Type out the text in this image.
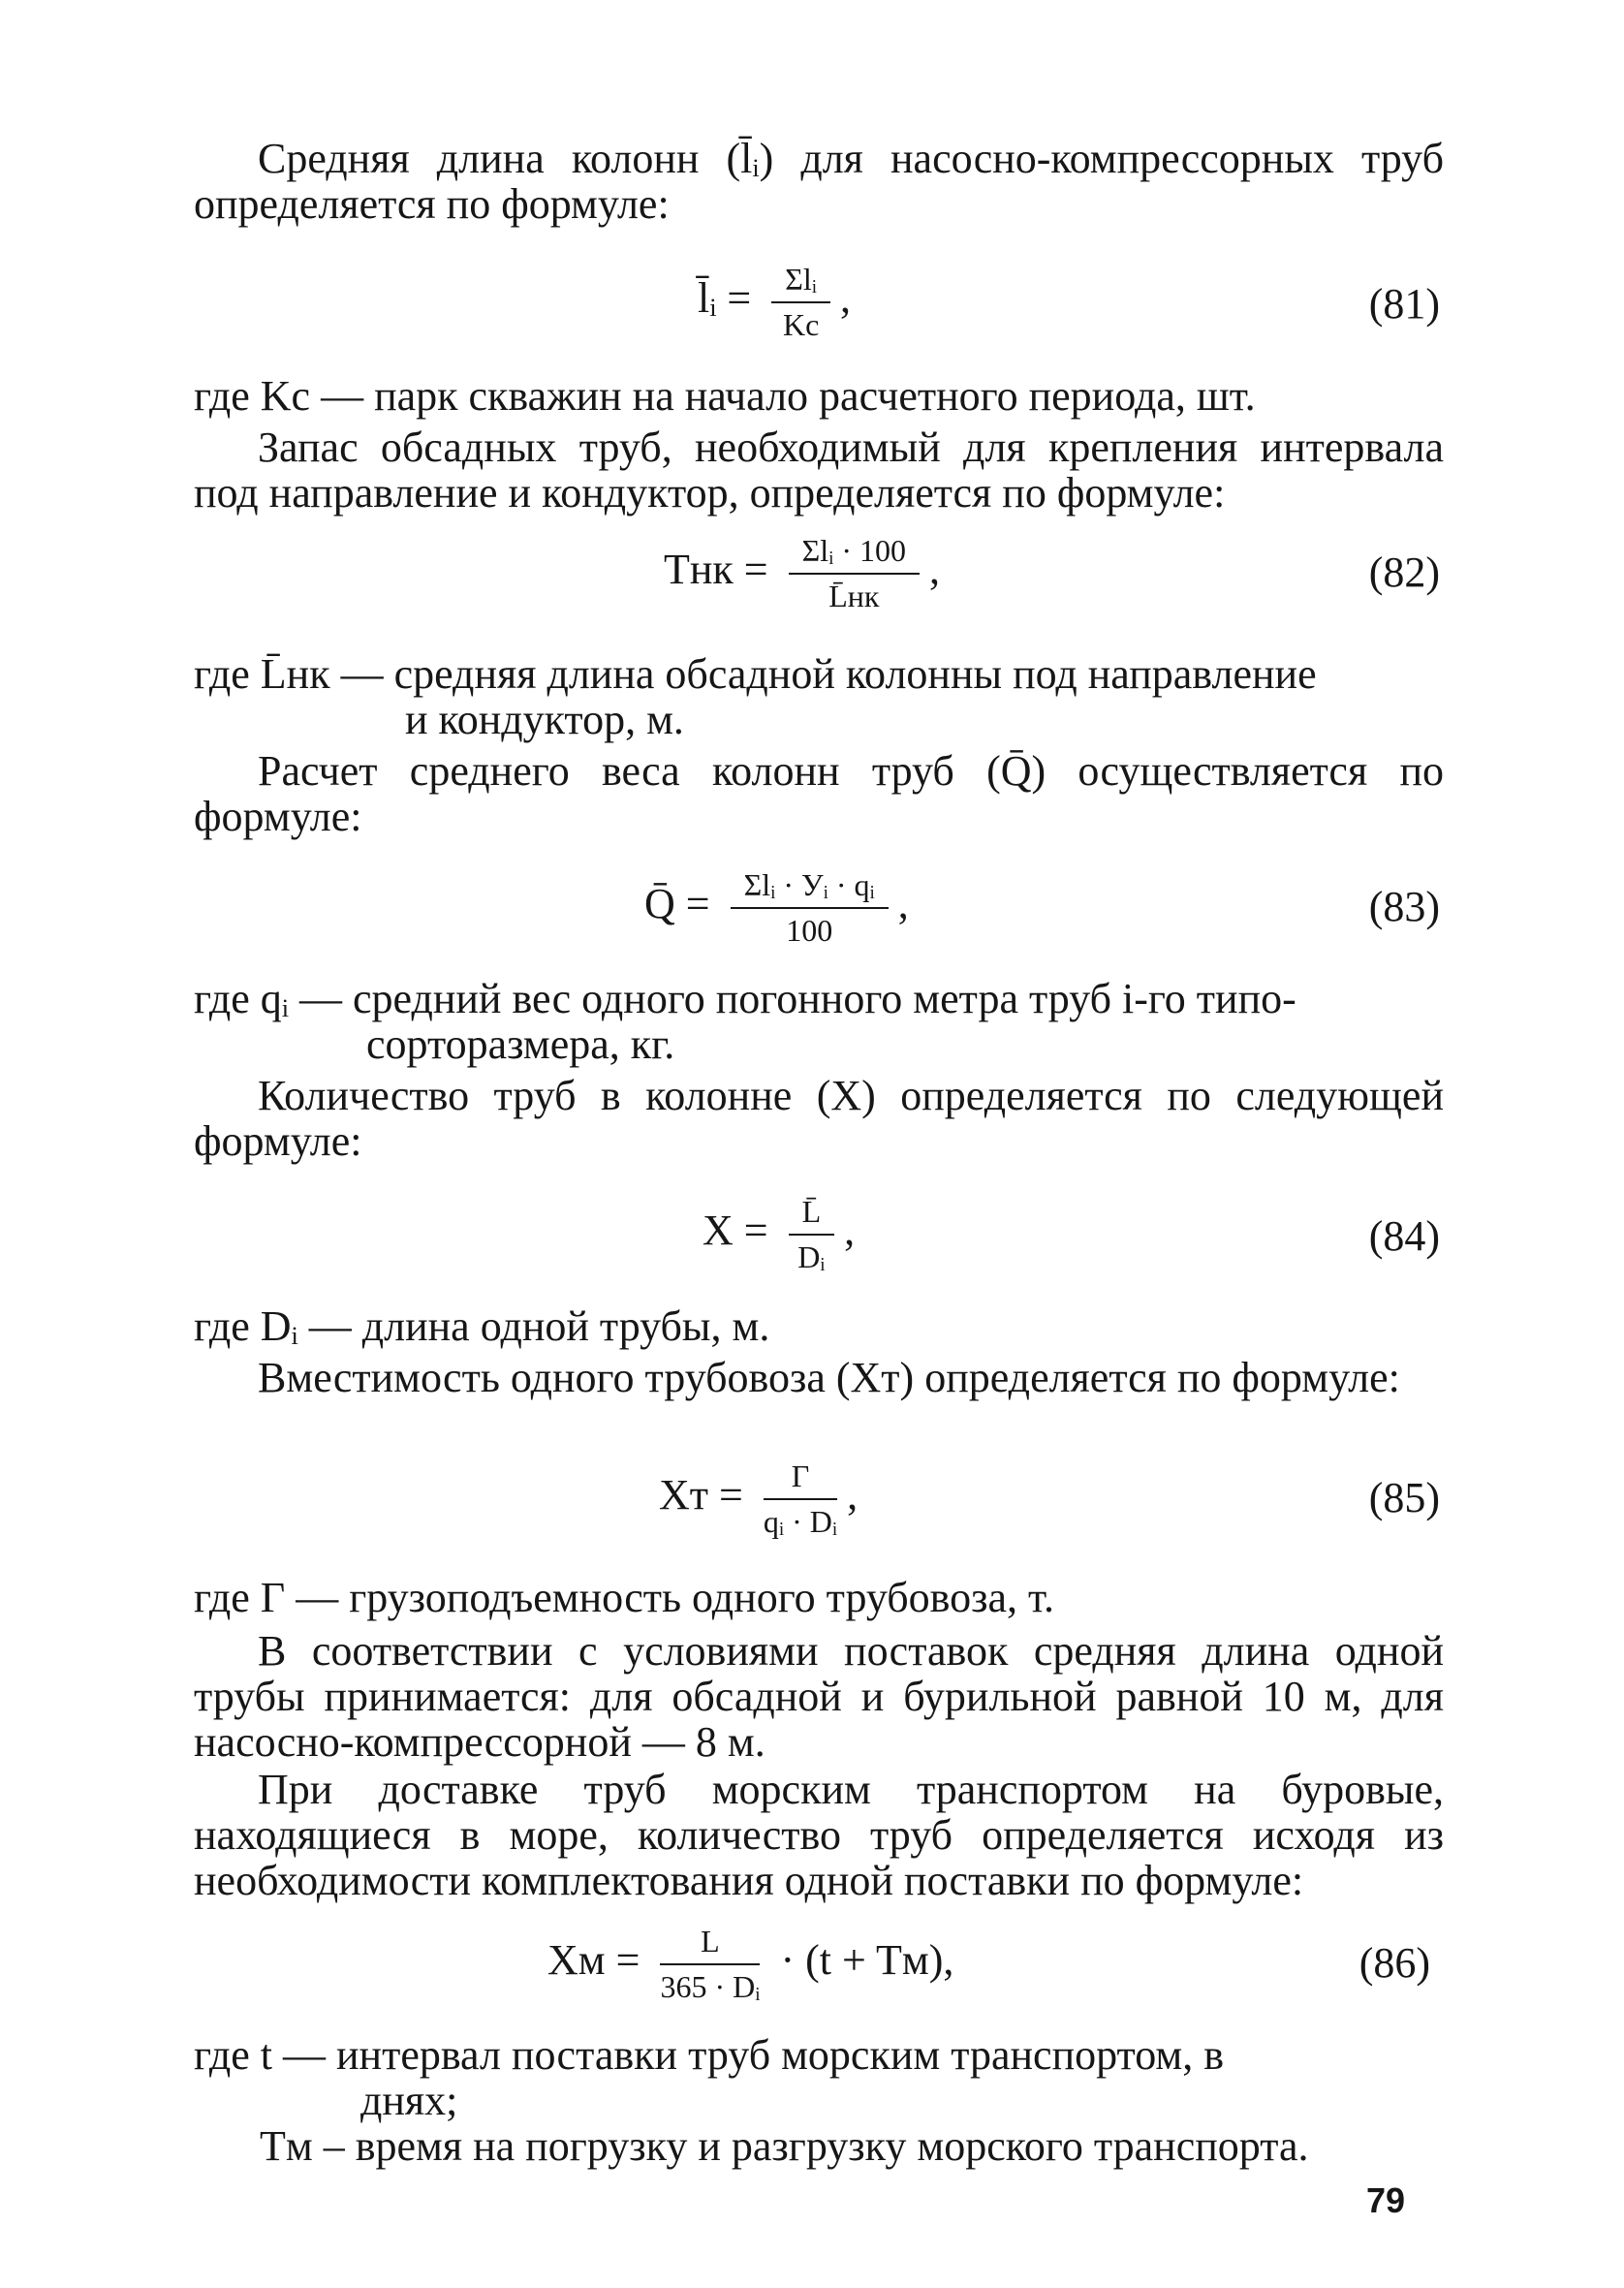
Средняя длина колонн (l̄ᵢ) для насосно-компрессорных труб определяется по формуле:

l̄ᵢ = $\frac{\text{Σlᵢ}}{Kc}$ ,	(81)

где Kс — парк скважин на начало расчетного периода, шт.

Запас обсадных труб, необходимый для крепления интервала под направление и кондуктор, определяется по формуле:

Tнк = $\frac{\text{Σlᵢ · 100}}{L̄нк}$ ,	(82)

где L̄нк — средняя длина обсадной колонны под направление

и кондуктор, м.

Расчет среднего веса колонн труб (Q̄) осуществляется по формуле:

Q̄ = $\frac{\text{Σlᵢ · Уᵢ · qᵢ}}{100}$ ,	(83)

где qᵢ — средний вес одного погонного метра труб i-го типо-

сорторазмера, кг.

Количество труб в колонне (X) определяется по следующей формуле:

$X = \frac{L̄}{\text{Dᵢ}}$ ,	(84)

где Dᵢ — длина одной трубы, м.

Вместимость одного трубовоза (Xт) определяется по формуле:

Xт = $\frac{Г}{\text{qᵢ · Dᵢ}}$ ,	(85)

где Г — грузоподъемность одного трубовоза, т.

В соответствии с условиями поставок средняя длина одной трубы принимается: для обсадной и бурильной равной 10 м, для насосно-компрессорной — 8 м.

При доставке труб морским транспортом на буровые, находящиеся в море, количество труб определяется исходя из необходимости комплектования одной поставки по формуле:

Xм = $\frac{L}{\text{365 · Dᵢ}} \cdot (t + Tм)$,	(86)

где t — интервал поставки труб морским транспортом, в

днях;

Tм – время на погрузку и разгрузку морского транспорта.

79
